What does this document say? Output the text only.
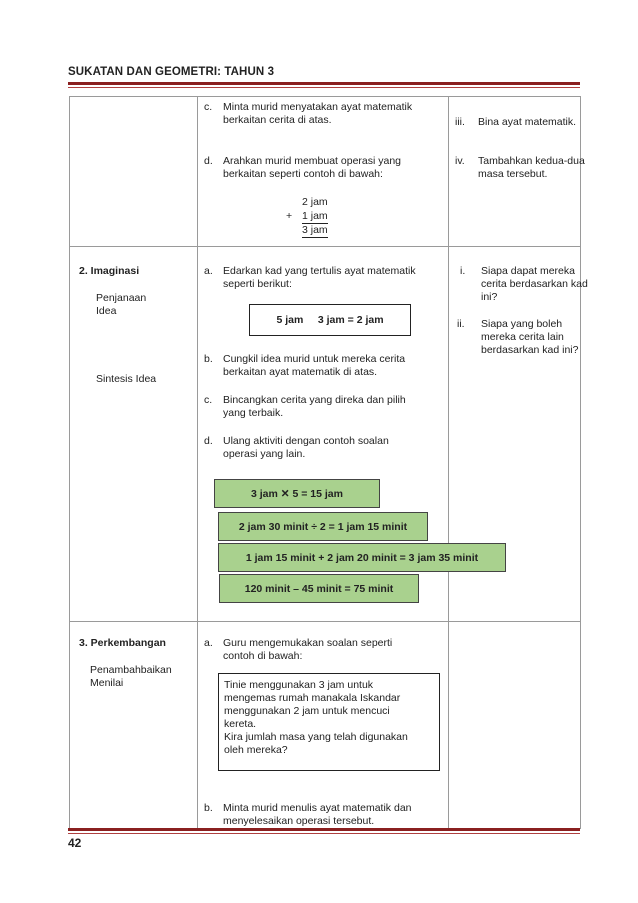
SUKATAN DAN GEOMETRI: TAHUN 3
c. Minta murid menyatakan ayat matematik
berkaitan cerita di atas.
d. Arahkan murid membuat operasi yang
berkaitan seperti contoh di bawah:
2 jam
+ 1 jam
3 jam
iii. Bina ayat matematik.
iv. Tambahkan kedua-dua
masa tersebut.
2. Imaginasi
Penjanaan
Idea
Sintesis Idea
a. Edarkan kad yang tertulis ayat matematik
seperti berikut:
5 jam     3 jam = 2 jam
b. Cungkil idea murid untuk mereka cerita
berkaitan ayat matematik di atas.
c. Bincangkan cerita yang direka dan pilih
yang terbaik.
d. Ulang aktiviti dengan contoh soalan
operasi yang lain.
3 jam ✕ 5 = 15 jam
2 jam 30 minit ÷ 2 = 1 jam 15 minit
1 jam 15 minit + 2 jam 20 minit = 3 jam 35 minit
120 minit – 45 minit = 75 minit
i. Siapa dapat mereka
cerita berdasarkan kad
ini?
ii. Siapa yang boleh
mereka cerita lain
berdasarkan kad ini?
3. Perkembangan
Penambahbaikan
Menilai
a. Guru mengemukakan soalan seperti
contoh di bawah:
Tinie menggunakan 3 jam untuk
mengemas rumah manakala Iskandar
menggunakan 2 jam untuk mencuci
kereta.
Kira jumlah masa yang telah digunakan
oleh mereka?
b. Minta murid menulis ayat matematik dan
menyelesaikan operasi tersebut.
42
